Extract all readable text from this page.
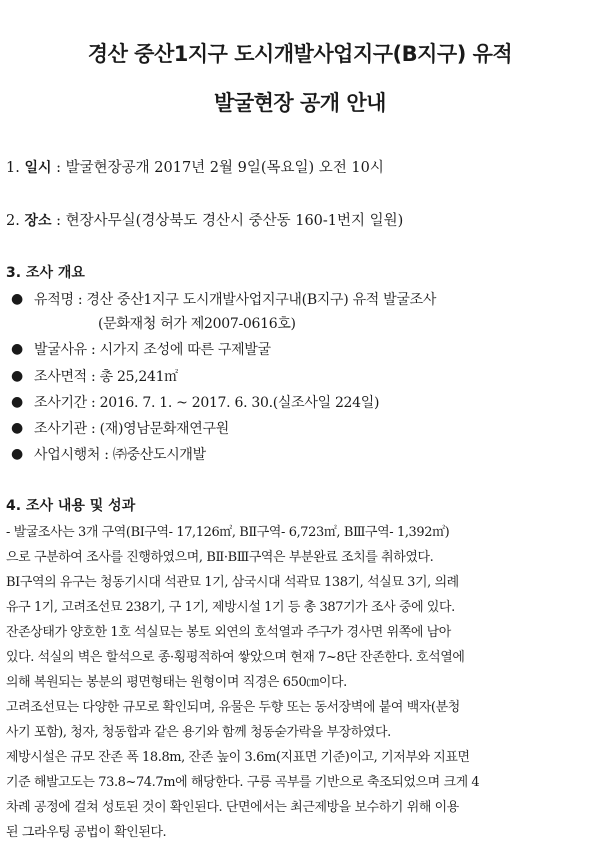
경산 중산1지구 도시개발사업지구(B지구) 유적
발굴현장 공개 안내
1. 일시 : 발굴현장공개 2017년 2월 9일(목요일) 오전 10시
2. 장소 : 현장사무실(경상북도 경산시 중산동 160-1번지 일원)
3. 조사 개요
● 유적명 : 경산 중산1지구 도시개발사업지구내(B지구) 유적 발굴조사
(문화재청 허가 제2007-0616호)
● 발굴사유 : 시가지 조성에 따른 구제발굴
● 조사면적 : 총 25,241㎡
● 조사기간 : 2016. 7. 1. ~ 2017. 6. 30.(실조사일 224일)
● 조사기관 : (재)영남문화재연구원
● 사업시행처 : ㈜중산도시개발
4. 조사 내용 및 성과
- 발굴조사는 3개 구역(BⅠ구역- 17,126㎡, BⅡ구역- 6,723㎡, BⅢ구역- 1,392㎡)
으로 구분하여 조사를 진행하였으며, BⅡ·BⅢ구역은 부분완료 조치를 취하였다.
BⅠ구역의 유구는 청동기시대 석관묘 1기, 삼국시대 석곽묘 138기, 석실묘 3기, 의례
유구 1기, 고려조선묘 238기, 구 1기, 제방시설 1기 등 총 387기가 조사 중에 있다.
잔존상태가 양호한 1호 석실묘는 봉토 외연의 호석열과 주구가 경사면 위쪽에 남아
있다. 석실의 벽은 할석으로 종·횡평적하여 쌓았으며 현재 7~8단 잔존한다. 호석열에
의해 복원되는 봉분의 평면형태는 원형이며 직경은 650㎝이다.
고려조선묘는 다양한 규모로 확인되며, 유물은 두향 또는 동서장벽에 붙여 백자(분청
사기 포함), 청자, 청동합과 같은 용기와 함께 청동숟가락을 부장하였다.
제방시설은 규모 잔존 폭 18.8m, 잔존 높이 3.6m(지표면 기준)이고, 기저부와 지표면
기준 해발고도는 73.8~74.7m에 해당한다. 구릉 곡부를 기반으로 축조되었으며 크게 4
차례 공정에 걸쳐 성토된 것이 확인된다. 단면에서는 최근제방을 보수하기 위해 이용
된 그라우팅 공법이 확인된다.
